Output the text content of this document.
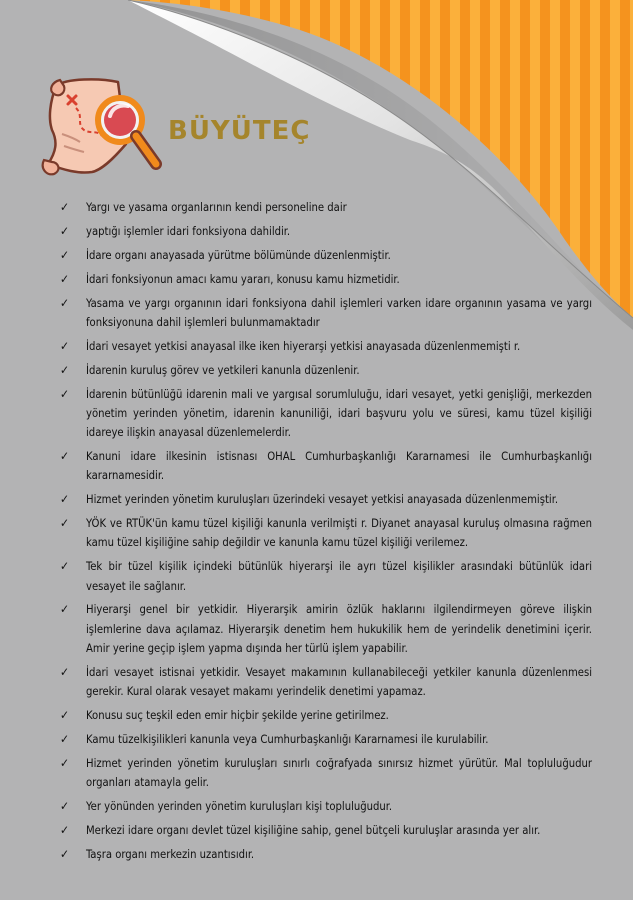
BÜYÜTEÇ
✓	Yargı ve yasama organlarının kendi personeline dair
✓	yaptığı işlemler idari fonksiyona dahildir.
✓	İdare organı anayasada yürütme bölümünde düzenlenmiştir.
✓	İdari fonksiyonun amacı kamu yararı, konusu kamu hizmetidir.
✓	Yasama ve yargı organının idari fonksiyona dahil işlemleri varken idare organının yasama ve yargı fonksiyonuna dahil işlemleri bulunmamaktadır
✓	İdari vesayet yetkisi anayasal ilke iken hiyerarşi yetkisi anayasada düzenlenmemişti r.
✓	İdarenin kuruluş görev ve yetkileri kanunla düzenlenir.
✓	İdarenin bütünlüğü idarenin mali ve yargısal sorumluluğu, idari vesayet, yetki genişliği, merkezden yönetim yerinden yönetim, idarenin kanuniliği, idari başvuru yolu ve süresi, kamu tüzel kişiliği idareye ilişkin anayasal düzenlemelerdir.
✓	Kanuni idare ilkesinin istisnası OHAL Cumhurbaşkanlığı Kararnamesi ile Cumhurbaşkanlığı kararnamesidir.
✓	Hizmet yerinden yönetim kuruluşları üzerindeki vesayet yetkisi anayasada düzenlenmemiştir.
✓	YÖK ve RTÜK'ün kamu tüzel kişiliği kanunla verilmişti r. Diyanet anayasal kuruluş olmasına rağmen kamu tüzel kişiliğine sahip değildir ve kanunla kamu tüzel kişiliği verilemez.
✓	Tek bir tüzel kişilik içindeki bütünlük hiyerarşi ile ayrı tüzel kişilikler arasındaki bütünlük idari vesayet ile sağlanır.
✓	Hiyerarşi genel bir yetkidir. Hiyerarşik amirin özlük haklarını ilgilendirmeyen göreve ilişkin işlemlerine dava açılamaz. Hiyerarşik denetim hem hukukilik hem de yerindelik denetimini içerir. Amir yerine geçip işlem yapma dışında her türlü işlem yapabilir.
✓	İdari vesayet istisnai yetkidir. Vesayet makamının kullanabileceği yetkiler kanunla düzenlenmesi gerekir. Kural olarak vesayet makamı yerindelik denetimi yapamaz.
✓	Konusu suç teşkil eden emir hiçbir şekilde yerine getirilmez.
✓	Kamu tüzelkişilikleri kanunla veya Cumhurbaşkanlığı Kararnamesi ile kurulabilir.
✓	Hizmet yerinden yönetim kuruluşları sınırlı coğrafyada sınırsız hizmet yürütür. Mal topluluğudur organları atamayla gelir.
✓	Yer yönünden yerinden yönetim kuruluşları kişi topluluğudur.
✓	Merkezi idare organı devlet tüzel kişiliğine sahip, genel bütçeli kuruluşlar arasında yer alır.
✓	Taşra organı merkezin uzantısıdır.
